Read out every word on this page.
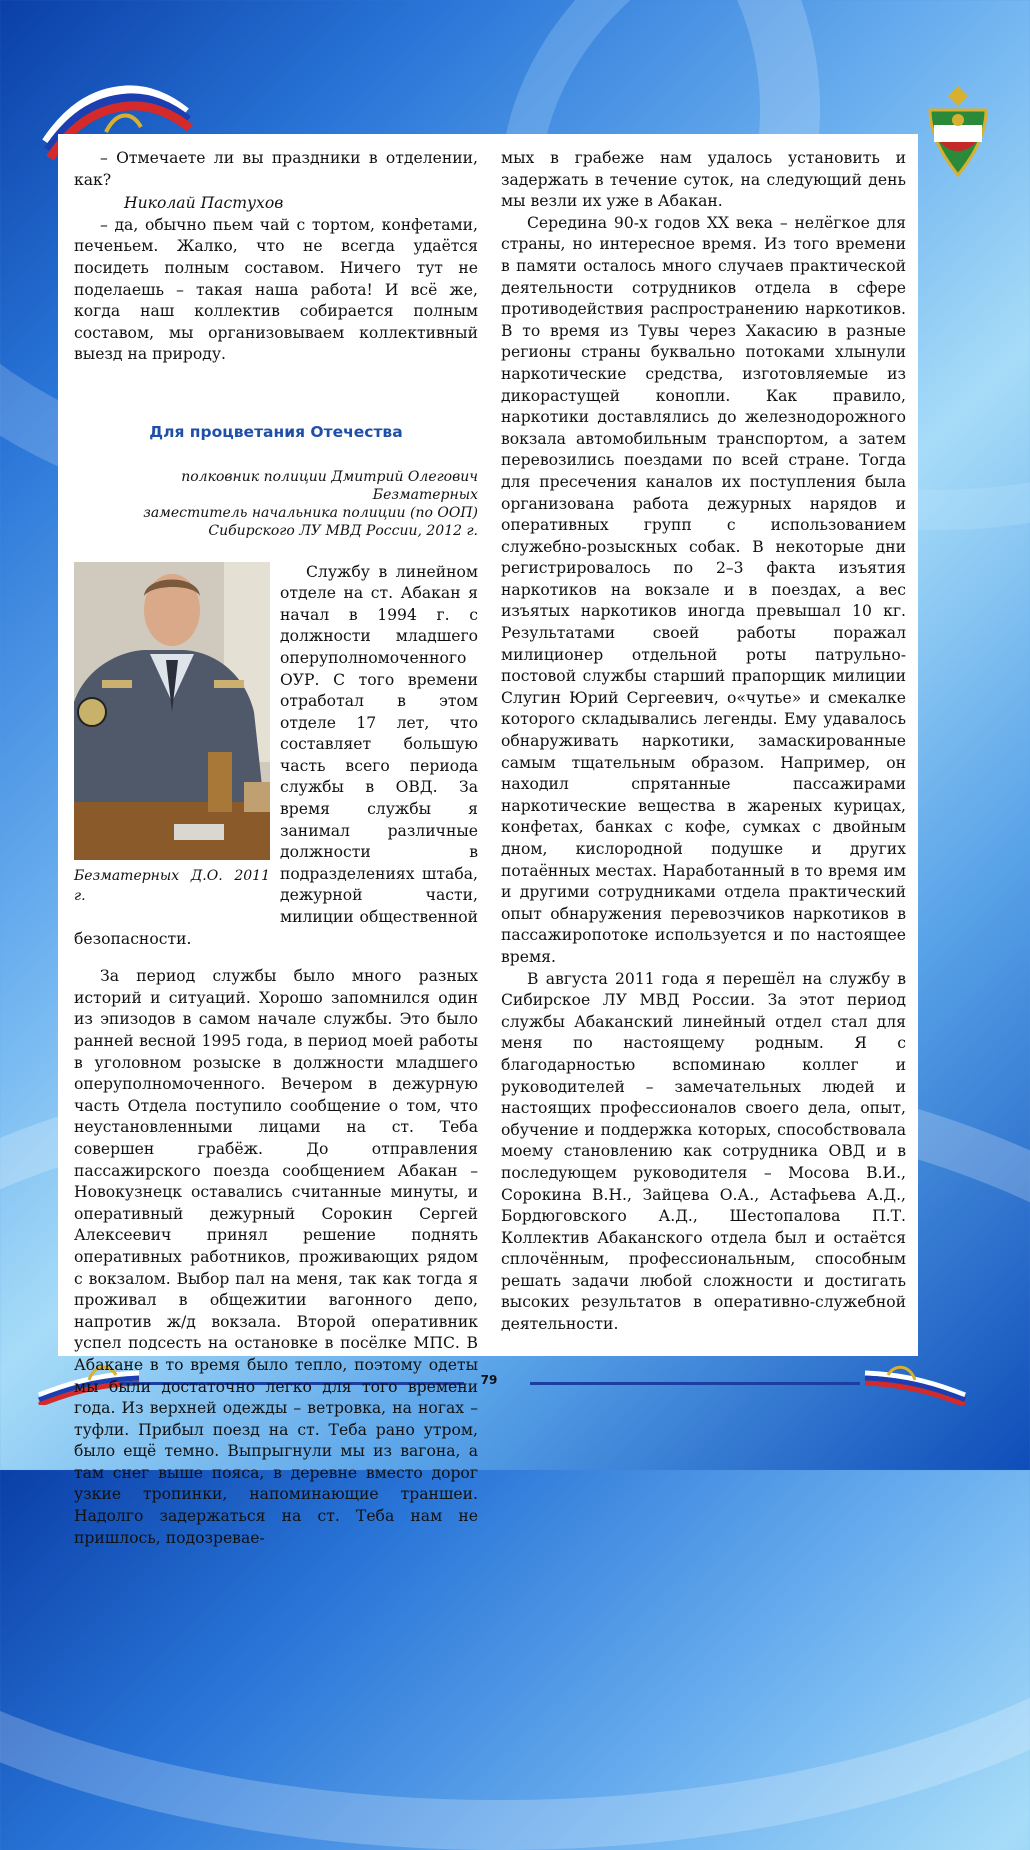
79

– Отмечаете ли вы праздники в отделении, как?

Николай Пастухов

– да, обычно пьем чай с тортом, конфетами, печеньем. Жалко, что не всегда удаётся посидеть полным составом. Ничего тут не поделаешь – такая наша работа! И всё же, когда наш коллектив собирается полным составом, мы организовываем коллективный выезд на природу.

Для процветания Отечества
полковник полиции Дмитрий Олегович Безматерных
заместитель начальника полиции (по ООП)
Сибирского ЛУ МВД России, 2012 г.
Безматерных Д.О. 2011 г.

Службу в линейном отделе на ст. Абакан я начал в 1994 г. с должности младшего оперуполномоченного ОУР. С того времени отработал в этом отделе 17 лет, что составляет большую часть всего периода службы в ОВД. За время службы я занимал различные должности в подразделениях штаба, дежурной части, милиции общественной безопасности.

За период службы было много разных историй и ситуаций. Хорошо запомнился один из эпизодов в самом начале службы. Это было ранней весной 1995 года, в период моей работы в уголовном розыске в должности младшего оперуполномоченного. Вечером в дежурную часть Отдела поступило сообщение о том, что неустановленными лицами на ст. Теба совершен грабёж. До отправления пассажирского поезда сообщением Абакан – Новокузнецк оставались считанные минуты, и оперативный дежурный Сорокин Сергей Алексеевич принял решение поднять оперативных работников, проживающих рядом с вокзалом. Выбор пал на меня, так как тогда я проживал в общежитии вагонного депо, напротив ж/д вокзала. Второй оперативник успел подсесть на остановке в посёлке МПС. В Абакане в то время было тепло, поэтому одеты мы были достаточно легко для того времени года. Из верхней одежды – ветровка, на ногах – туфли. Прибыл поезд на ст. Теба рано утром, было ещё темно. Выпрыгнули мы из вагона, а там снег выше пояса, в деревне вместо дорог узкие тропинки, напоминающие траншеи. Надолго задержаться на ст. Теба нам не пришлось, подозревае-

мых в грабеже нам удалось установить и задержать в течение суток, на следующий день мы везли их уже в Абакан.

Середина 90-х годов XX века – нелёгкое для страны, но интересное время. Из того времени в памяти осталось много случаев практической деятельности сотрудников отдела в сфере противодействия распространению наркотиков. В то время из Тувы через Хакасию в разные регионы страны буквально потоками хлынули наркотические средства, изготовляемые из дикорастущей конопли. Как правило, наркотики доставлялись до железнодорожного вокзала автомобильным транспортом, а затем перевозились поездами по всей стране. Тогда для пресечения каналов их поступления была организована работа дежурных нарядов и оперативных групп с использованием служебно-розыскных собак. В некоторые дни регистрировалось по 2–3 факта изъятия наркотиков на вокзале и в поездах, а вес изъятых наркотиков иногда превышал 10 кг. Результатами своей работы поражал милиционер отдельной роты патрульно-постовой службы старший прапорщик милиции Слугин Юрий Сергеевич, о«чутье» и смекалке которого складывались легенды. Ему удавалось обнаруживать наркотики, замаскированные самым тщательным образом. Например, он находил спрятанные пассажирами наркотические вещества в жареных курицах, конфетах, банках с кофе, сумках с двойным дном, кислородной подушке и других потаённых местах. Наработанный в то время им и другими сотрудниками отдела практический опыт обнаружения перевозчиков наркотиков в пассажиропотоке используется и по настоящее время.

В августа 2011 года я перешёл на службу в Сибирское ЛУ МВД России. За этот период службы Абаканский линейный отдел стал для меня по настоящему родным. Я с благодарностью вспоминаю коллег и руководителей – замечательных людей и настоящих профессионалов своего дела, опыт, обучение и поддержка которых, способствовала моему становлению как сотрудника ОВД и в последующем руководителя – Мосова В.И., Сорокина В.Н., Зайцева О.А., Астафьева А.Д., Бордюговского А.Д., Шестопалова П.Т. Коллектив Абаканского отдела был и остаётся сплочённым, профессиональным, способным решать задачи любой сложности и достигать высоких результатов в оперативно-служебной деятельности.
